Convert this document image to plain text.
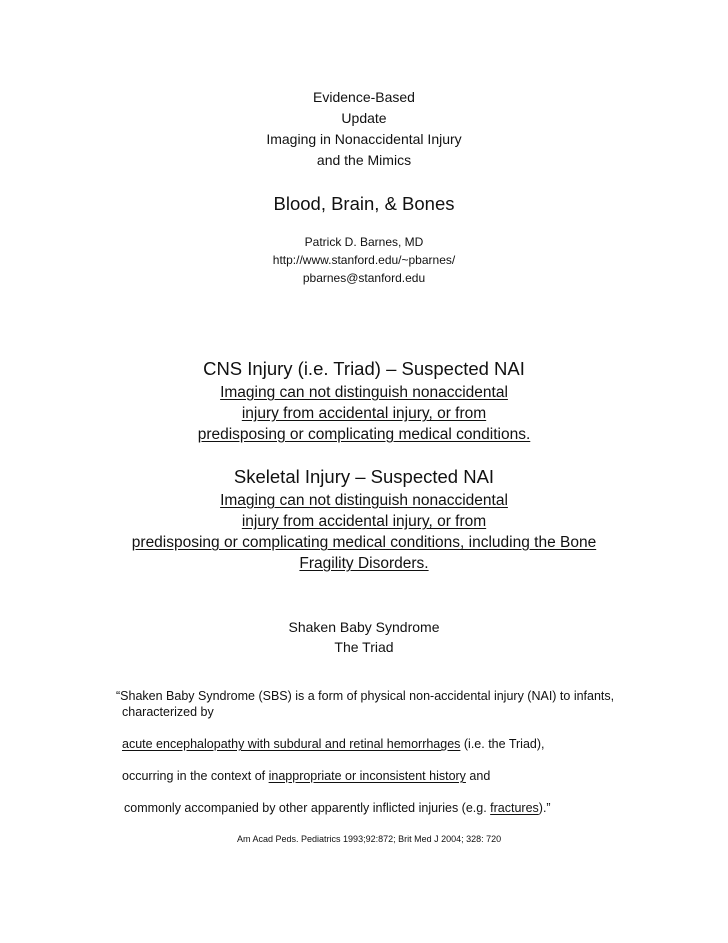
Evidence-Based
Update
Imaging in Nonaccidental Injury
and the Mimics
Blood, Brain, & Bones
Patrick D. Barnes, MD
http://www.stanford.edu/~pbarnes/
pbarnes@stanford.edu
CNS Injury (i.e. Triad) – Suspected NAI
Imaging can not distinguish nonaccidental
injury from accidental injury, or from
predisposing or complicating medical conditions.
Skeletal Injury – Suspected NAI
Imaging can not distinguish nonaccidental
injury from accidental injury, or from
predisposing or complicating medical conditions, including the Bone
Fragility Disorders.
Shaken Baby Syndrome
The Triad
“Shaken Baby Syndrome (SBS) is a form of physical non-accidental injury (NAI) to infants,
characterized by
acute encephalopathy with subdural and retinal hemorrhages (i.e. the Triad),
occurring in the context of inappropriate or inconsistent history and
commonly accompanied by other apparently inflicted injuries (e.g. fractures).”
Am Acad Peds. Pediatrics 1993;92:872; Brit Med J 2004; 328: 720
